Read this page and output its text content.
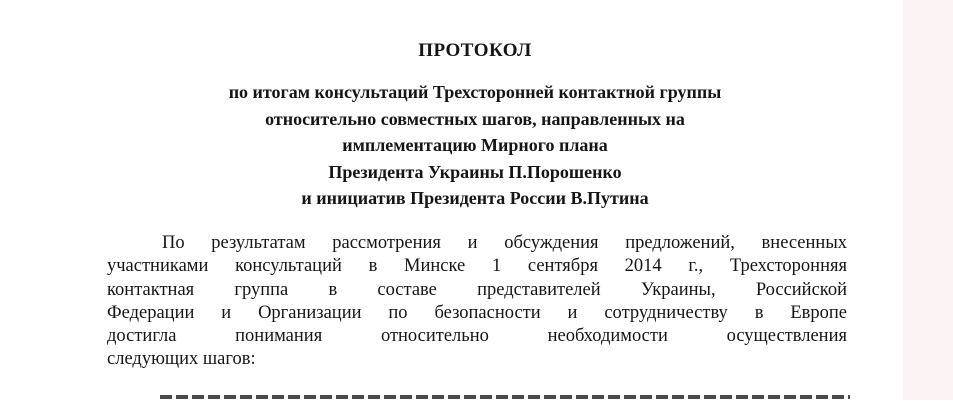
ПРОТОКОЛ
по итогам консультаций Трехсторонней контактной группы
относительно совместных шагов, направленных на
имплементацию Мирного плана
Президента Украины П.Порошенко
и инициатив Президента России В.Путина
По результатам рассмотрения и обсуждения предложений, внесенных
участниками консультаций в Минске 1 сентября 2014 г., Трехсторонняя
контактная группа в составе представителей Украины, Российской
Федерации и Организации по безопасности и сотрудничеству в Европе
достигла понимания относительно необходимости осуществления
следующих шагов:
